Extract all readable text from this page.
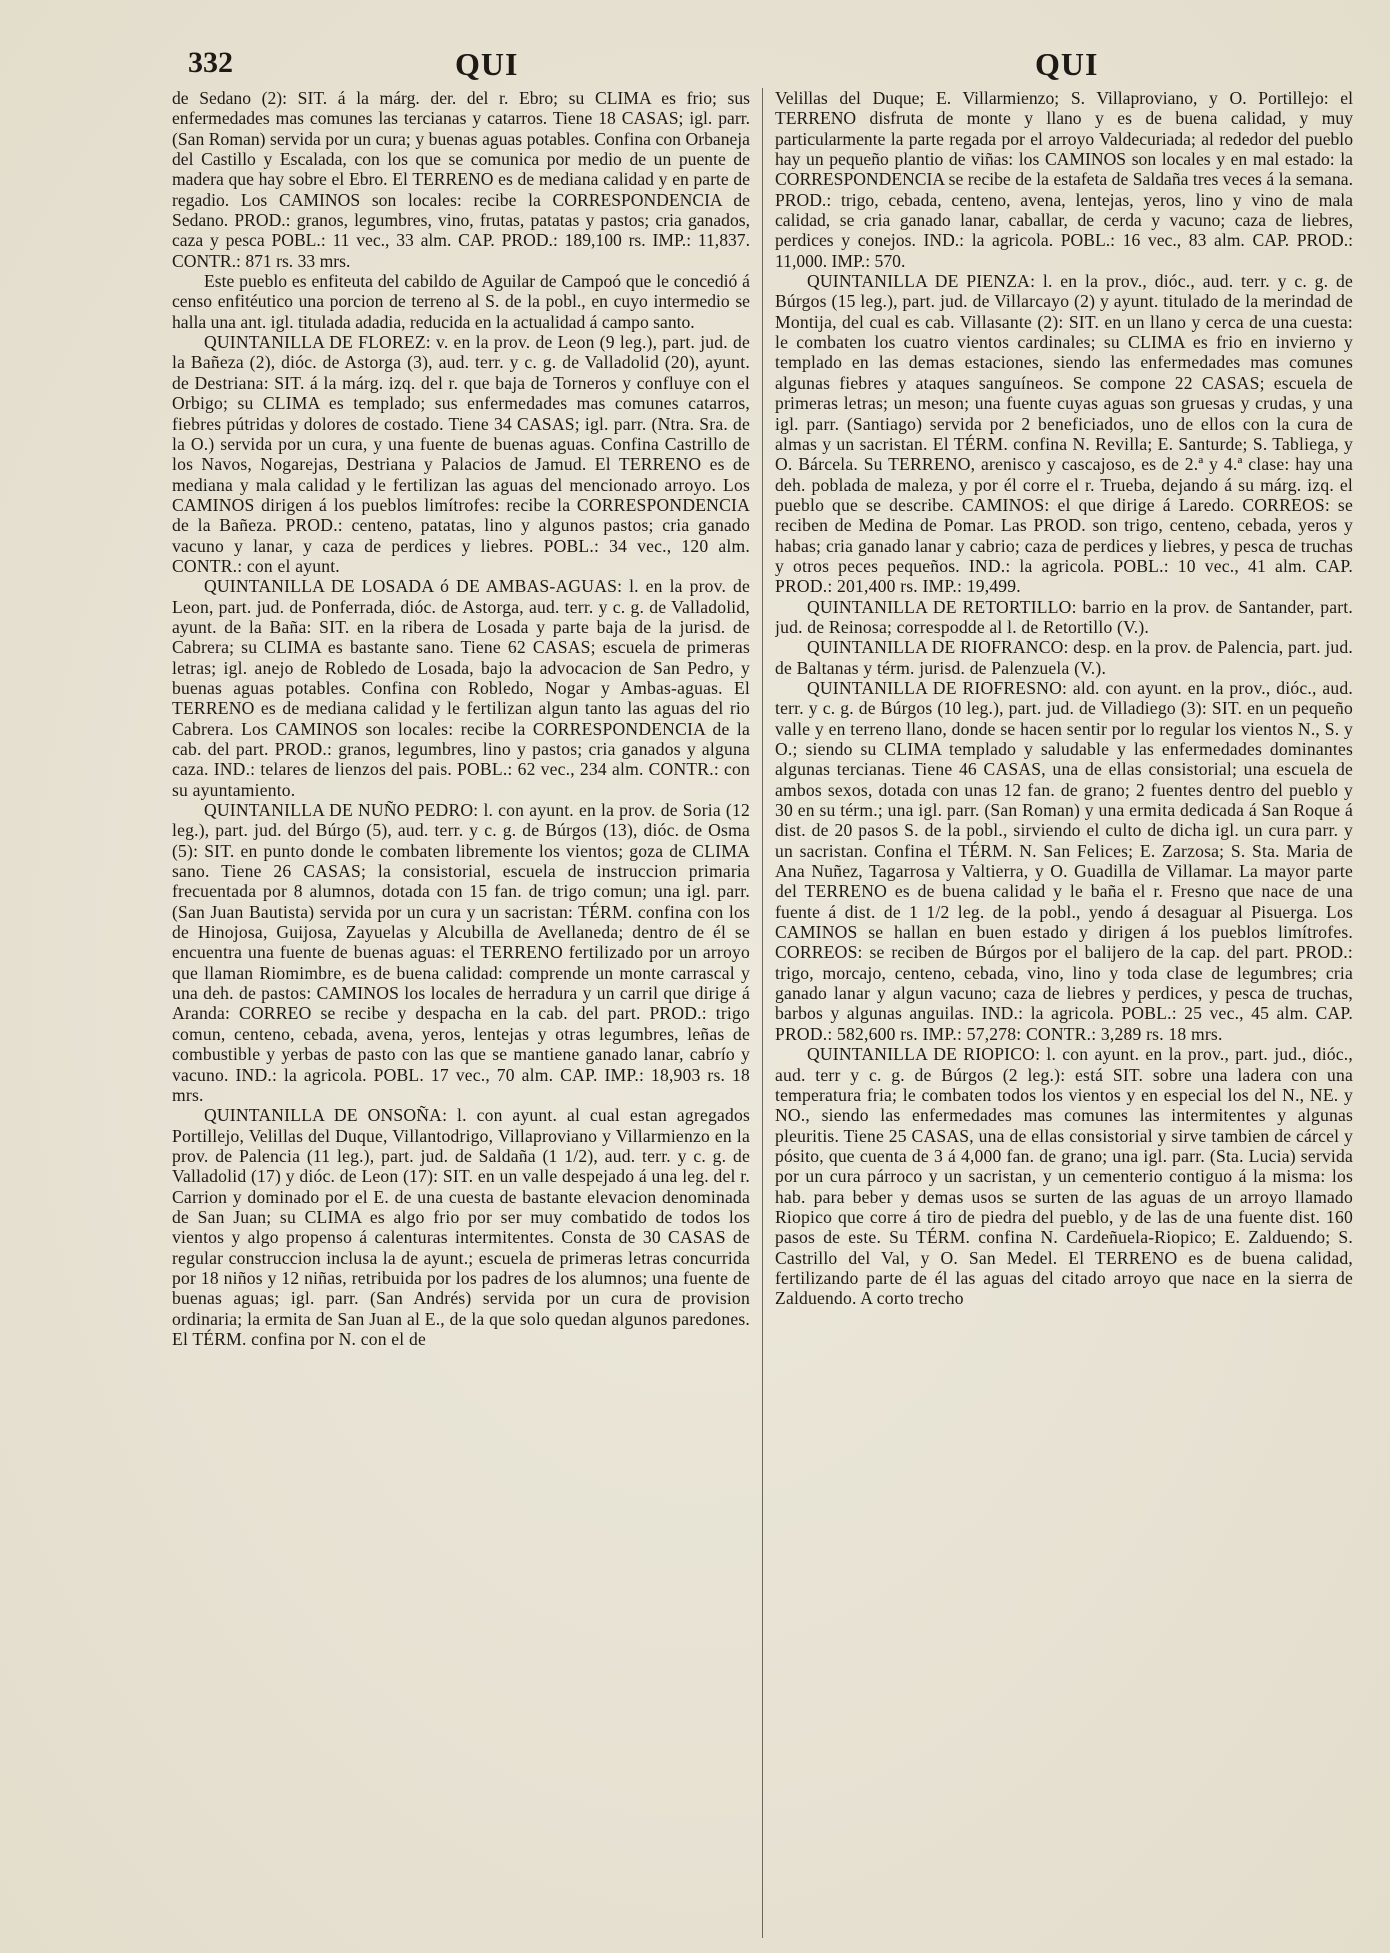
332	QUI	QUI

de Sedano (2): SIT. á la márg. der. del r. Ebro; su CLIMA es frio; sus enfermedades mas comunes las tercianas y catarros. Tiene 18 CASAS; igl. parr. (San Roman) servida por un cura; y buenas aguas potables. Confina con Orbaneja del Castillo y Escalada, con los que se comunica por medio de un puente de madera que hay sobre el Ebro. El TERRENO es de mediana calidad y en parte de regadio. Los CAMINOS son locales: recibe la CORRESPONDENCIA de Sedano. PROD.: granos, legumbres, vino, frutas, patatas y pastos; cria ganados, caza y pesca POBL.: 11 vec., 33 alm. CAP. PROD.: 189,100 rs. IMP.: 11,837. CONTR.: 871 rs. 33 mrs.

Este pueblo es enfiteuta del cabildo de Aguilar de Campoó que le concedió á censo enfitéutico una porcion de terreno al S. de la pobl., en cuyo intermedio se halla una ant. igl. titulada adadia, reducida en la actualidad á campo santo.

QUINTANILLA DE FLOREZ: v. en la prov. de Leon (9 leg.), part. jud. de la Bañeza (2), dióc. de Astorga (3), aud. terr. y c. g. de Valladolid (20), ayunt. de Destriana: SIT. á la márg. izq. del r. que baja de Torneros y confluye con el Orbigo; su CLIMA es templado; sus enfermedades mas comunes catarros, fiebres pútridas y dolores de costado. Tiene 34 CASAS; igl. parr. (Ntra. Sra. de la O.) servida por un cura, y una fuente de buenas aguas. Confina Castrillo de los Navos, Nogarejas, Destriana y Palacios de Jamud. El TERRENO es de mediana y mala calidad y le fertilizan las aguas del mencionado arroyo. Los CAMINOS dirigen á los pueblos limítrofes: recibe la CORRESPONDENCIA de la Bañeza. PROD.: centeno, patatas, lino y algunos pastos; cria ganado vacuno y lanar, y caza de perdices y liebres. POBL.: 34 vec., 120 alm. CONTR.: con el ayunt.

QUINTANILLA DE LOSADA ó DE AMBAS-AGUAS: l. en la prov. de Leon, part. jud. de Ponferrada, dióc. de Astorga, aud. terr. y c. g. de Valladolid, ayunt. de la Baña: SIT. en la ribera de Losada y parte baja de la jurisd. de Cabrera; su CLIMA es bastante sano. Tiene 62 CASAS; escuela de primeras letras; igl. anejo de Robledo de Losada, bajo la advocacion de San Pedro, y buenas aguas potables. Confina con Robledo, Nogar y Ambas-aguas. El TERRENO es de mediana calidad y le fertilizan algun tanto las aguas del rio Cabrera. Los CAMINOS son locales: recibe la CORRESPONDENCIA de la cab. del part. PROD.: granos, legumbres, lino y pastos; cria ganados y alguna caza. IND.: telares de lienzos del pais. POBL.: 62 vec., 234 alm. CONTR.: con su ayuntamiento.

QUINTANILLA DE NUÑO PEDRO: l. con ayunt. en la prov. de Soria (12 leg.), part. jud. del Búrgo (5), aud. terr. y c. g. de Búrgos (13), dióc. de Osma (5): SIT. en punto donde le combaten libremente los vientos; goza de CLIMA sano. Tiene 26 CASAS; la consistorial, escuela de instruccion primaria frecuentada por 8 alumnos, dotada con 15 fan. de trigo comun; una igl. parr. (San Juan Bautista) servida por un cura y un sacristan: TÉRM. confina con los de Hinojosa, Guijosa, Zayuelas y Alcubilla de Avellaneda; dentro de él se encuentra una fuente de buenas aguas: el TERRENO fertilizado por un arroyo que llaman Riomimbre, es de buena calidad: comprende un monte carrascal y una deh. de pastos: CAMINOS los locales de herradura y un carril que dirige á Aranda: CORREO se recibe y despacha en la cab. del part. PROD.: trigo comun, centeno, cebada, avena, yeros, lentejas y otras legumbres, leñas de combustible y yerbas de pasto con las que se mantiene ganado lanar, cabrío y vacuno. IND.: la agricola. POBL. 17 vec., 70 alm. CAP. IMP.: 18,903 rs. 18 mrs.

QUINTANILLA DE ONSOÑA: l. con ayunt. al cual estan agregados Portillejo, Velillas del Duque, Villantodrigo, Villaproviano y Villarmienzo en la prov. de Palencia (11 leg.), part. jud. de Saldaña (1 1/2), aud. terr. y c. g. de Valladolid (17) y dióc. de Leon (17): SIT. en un valle despejado á una leg. del r. Carrion y dominado por el E. de una cuesta de bastante elevacion denominada de San Juan; su CLIMA es algo frio por ser muy combatido de todos los vientos y algo propenso á calenturas intermitentes. Consta de 30 CASAS de regular construccion inclusa la de ayunt.; escuela de primeras letras concurrida por 18 niños y 12 niñas, retribuida por los padres de los alumnos; una fuente de buenas aguas; igl. parr. (San Andrés) servida por un cura de provision ordinaria; la ermita de San Juan al E., de la que solo quedan algunos paredones. El TÉRM. confina por N. con el de

Velillas del Duque; E. Villarmienzo; S. Villaproviano, y O. Portillejo: el TERRENO disfruta de monte y llano y es de buena calidad, y muy particularmente la parte regada por el arroyo Valdecuriada; al rededor del pueblo hay un pequeño plantio de viñas: los CAMINOS son locales y en mal estado: la CORRESPONDENCIA se recibe de la estafeta de Saldaña tres veces á la semana. PROD.: trigo, cebada, centeno, avena, lentejas, yeros, lino y vino de mala calidad, se cria ganado lanar, caballar, de cerda y vacuno; caza de liebres, perdices y conejos. IND.: la agricola. POBL.: 16 vec., 83 alm. CAP. PROD.: 11,000. IMP.: 570.

QUINTANILLA DE PIENZA: l. en la prov., dióc., aud. terr. y c. g. de Búrgos (15 leg.), part. jud. de Villarcayo (2) y ayunt. titulado de la merindad de Montija, del cual es cab. Villasante (2): SIT. en un llano y cerca de una cuesta: le combaten los cuatro vientos cardinales; su CLIMA es frio en invierno y templado en las demas estaciones, siendo las enfermedades mas comunes algunas fiebres y ataques sanguíneos. Se compone 22 CASAS; escuela de primeras letras; un meson; una fuente cuyas aguas son gruesas y crudas, y una igl. parr. (Santiago) servida por 2 beneficiados, uno de ellos con la cura de almas y un sacristan. El TÉRM. confina N. Revilla; E. Santurde; S. Tabliega, y O. Bárcela. Su TERRENO, arenisco y cascajoso, es de 2.ª y 4.ª clase: hay una deh. poblada de maleza, y por él corre el r. Trueba, dejando á su márg. izq. el pueblo que se describe. CAMINOS: el que dirige á Laredo. CORREOS: se reciben de Medina de Pomar. Las PROD. son trigo, centeno, cebada, yeros y habas; cria ganado lanar y cabrio; caza de perdices y liebres, y pesca de truchas y otros peces pequeños. IND.: la agricola. POBL.: 10 vec., 41 alm. CAP. PROD.: 201,400 rs. IMP.: 19,499.

QUINTANILLA DE RETORTILLO: barrio en la prov. de Santander, part. jud. de Reinosa; correspodde al l. de Retortillo (V.).

QUINTANILLA DE RIOFRANCO: desp. en la prov. de Palencia, part. jud. de Baltanas y térm. jurisd. de Palenzuela (V.).

QUINTANILLA DE RIOFRESNO: ald. con ayunt. en la prov., dióc., aud. terr. y c. g. de Búrgos (10 leg.), part. jud. de Villadiego (3): SIT. en un pequeño valle y en terreno llano, donde se hacen sentir por lo regular los vientos N., S. y O.; siendo su CLIMA templado y saludable y las enfermedades dominantes algunas tercianas. Tiene 46 CASAS, una de ellas consistorial; una escuela de ambos sexos, dotada con unas 12 fan. de grano; 2 fuentes dentro del pueblo y 30 en su térm.; una igl. parr. (San Roman) y una ermita dedicada á San Roque á dist. de 20 pasos S. de la pobl., sirviendo el culto de dicha igl. un cura parr. y un sacristan. Confina el TÉRM. N. San Felices; E. Zarzosa; S. Sta. Maria de Ana Nuñez, Tagarrosa y Valtierra, y O. Guadilla de Villamar. La mayor parte del TERRENO es de buena calidad y le baña el r. Fresno que nace de una fuente á dist. de 1 1/2 leg. de la pobl., yendo á desaguar al Pisuerga. Los CAMINOS se hallan en buen estado y dirigen á los pueblos limítrofes. CORREOS: se reciben de Búrgos por el balijero de la cap. del part. PROD.: trigo, morcajo, centeno, cebada, vino, lino y toda clase de legumbres; cria ganado lanar y algun vacuno; caza de liebres y perdices, y pesca de truchas, barbos y algunas anguilas. IND.: la agricola. POBL.: 25 vec., 45 alm. CAP. PROD.: 582,600 rs. IMP.: 57,278: CONTR.: 3,289 rs. 18 mrs.

QUINTANILLA DE RIOPICO: l. con ayunt. en la prov., part. jud., dióc., aud. terr y c. g. de Búrgos (2 leg.): está SIT. sobre una ladera con una temperatura fria; le combaten todos los vientos y en especial los del N., NE. y NO., siendo las enfermedades mas comunes las intermitentes y algunas pleuritis. Tiene 25 CASAS, una de ellas consistorial y sirve tambien de cárcel y pósito, que cuenta de 3 á 4,000 fan. de grano; una igl. parr. (Sta. Lucia) servida por un cura párroco y un sacristan, y un cementerio contiguo á la misma: los hab. para beber y demas usos se surten de las aguas de un arroyo llamado Riopico que corre á tiro de piedra del pueblo, y de las de una fuente dist. 160 pasos de este. Su TÉRM. confina N. Cardeñuela-Riopico; E. Zalduendo; S. Castrillo del Val, y O. San Medel. El TERRENO es de buena calidad, fertilizando parte de él las aguas del citado arroyo que nace en la sierra de Zalduendo. A corto trecho
